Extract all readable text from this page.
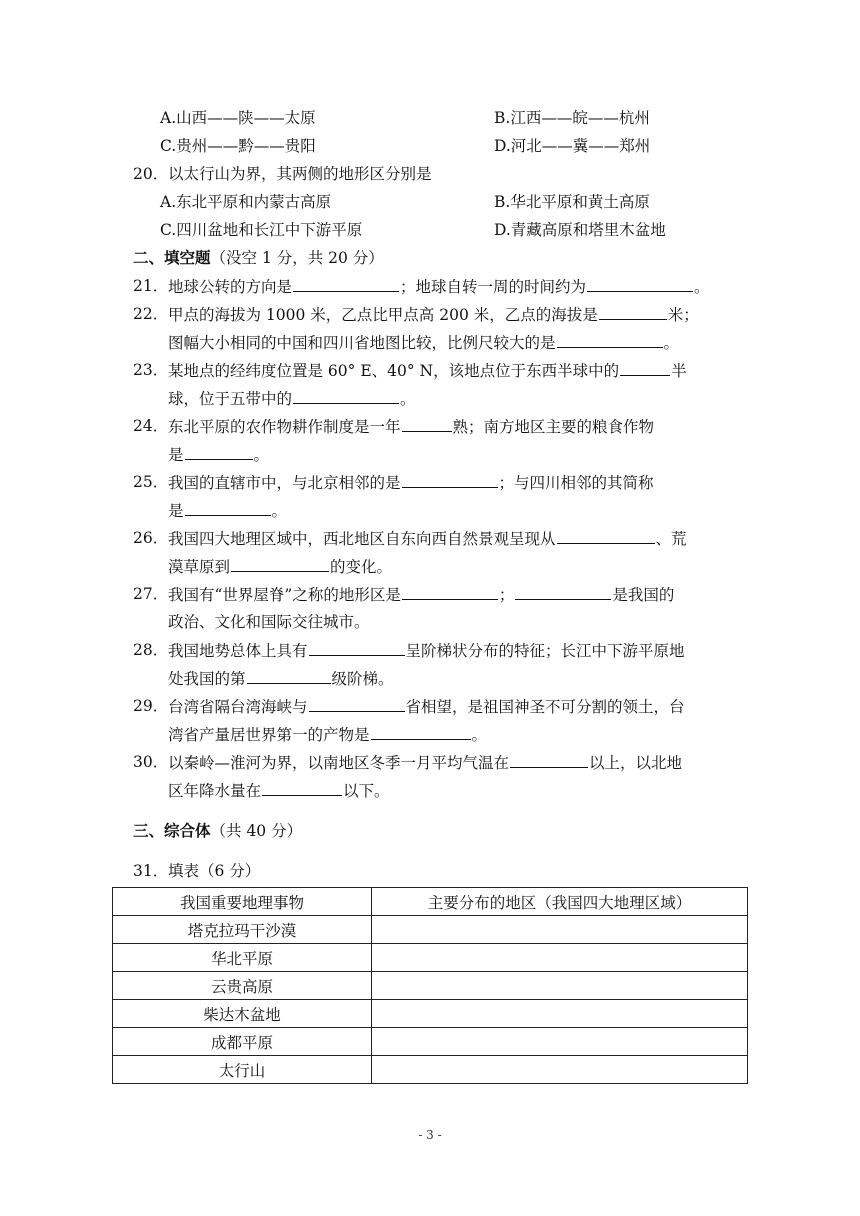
A.山西——陕——太原	B.江西——皖——杭州
C.贵州——黔——贵阳	D.河北——冀——郑州
20． 以太行山为界，其两侧的地形区分别是
A.东北平原和内蒙古高原	B.华北平原和黄土高原
C.四川盆地和长江中下游平原	D.青藏高原和塔里木盆地
二、填空题（没空 1 分，共 20 分）
21． 地球公转的方向是	；地球自转一周的时间约为	。
22． 甲点的海拔为 1000 米，乙点比甲点高 200 米，乙点的海拔是	米；
图幅大小相同的中国和四川省地图比较，比例尺较大的是	。
23． 某地点的经纬度位置是 60° E、40° N，该地点位于东西半球中的	半
球，位于五带中的	。
24． 东北平原的农作物耕作制度是一年	熟；南方地区主要的粮食作物
是	。
25． 我国的直辖市中，与北京相邻的是	；与四川相邻的其简称
是	。
26． 我国四大地理区域中，西北地区自东向西自然景观呈现从	、荒
漠草原到	的变化。
27． 我国有“世界屋脊”之称的地形区是	；	是我国的
政治、文化和国际交往城市。
28． 我国地势总体上具有	呈阶梯状分布的特征；长江中下游平原地
处我国的第	级阶梯。
29． 台湾省隔台湾海峡与	省相望，是祖国神圣不可分割的领土，台
湾省产量居世界第一的产物是	。
30． 以秦岭—淮河为界，以南地区冬季一月平均气温在	以上，以北地
区年降水量在	以下。
三、综合体（共 40 分）
31． 填表（6 分）
我国重要地理事物	主要分布的地区（我国四大地理区域）
塔克拉玛干沙漠	
华北平原	
云贵高原	
柴达木盆地	
成都平原	
太行山	
- 3 -
